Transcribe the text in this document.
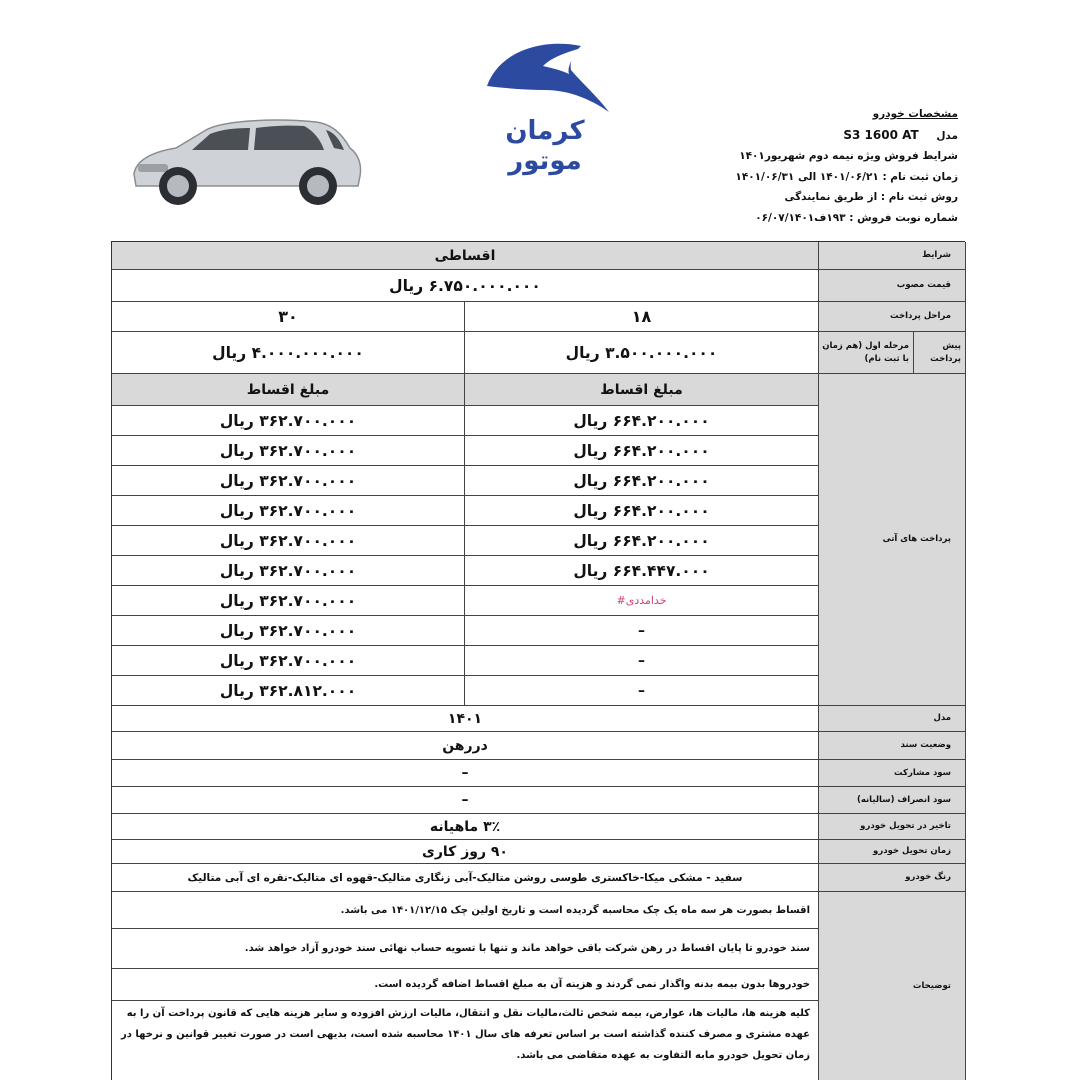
کرمان موتور
مشخصات خودرو
مدل S3 1600 AT
شرایط فروش ویژه نیمه دوم شهریور۱۴۰۱
زمان ثبت نام : ۱۴۰۱/۰۶/۲۱ الی ۱۴۰۱/۰۶/۳۱
روش ثبت نام : از طریق نمایندگی
شماره نوبت فروش : ۱۹۳ف۰۶/۰۷/۱۴۰۱
شرایط
اقساطی
قیمت مصوب
۶.۷۵۰.۰۰۰.۰۰۰ ریال
مراحل پرداخت
۱۸
۳۰
پیش پرداخت
مرحله اول (هم زمان با ثبت نام)
۳.۵۰۰.۰۰۰.۰۰۰ ریال
۴.۰۰۰.۰۰۰.۰۰۰ ریال
پرداخت های آتی
مبلغ اقساط
مبلغ اقساط
۶۶۴.۲۰۰.۰۰۰ ریال
۳۶۲.۷۰۰.۰۰۰ ریال
۶۶۴.۲۰۰.۰۰۰ ریال
۳۶۲.۷۰۰.۰۰۰ ریال
۶۶۴.۲۰۰.۰۰۰ ریال
۳۶۲.۷۰۰.۰۰۰ ریال
۶۶۴.۲۰۰.۰۰۰ ریال
۳۶۲.۷۰۰.۰۰۰ ریال
۶۶۴.۲۰۰.۰۰۰ ریال
۳۶۲.۷۰۰.۰۰۰ ریال
۶۶۴.۴۴۷.۰۰۰ ریال
۳۶۲.۷۰۰.۰۰۰ ریال
#خدامددی
۳۶۲.۷۰۰.۰۰۰ ریال
–
۳۶۲.۷۰۰.۰۰۰ ریال
–
۳۶۲.۷۰۰.۰۰۰ ریال
–
۳۶۲.۸۱۲.۰۰۰ ریال
مدل
۱۴۰۱
وضعیت سند
دررهن
سود مشارکت
–
سود انصراف (سالیانه)
–
تاخیر در تحویل خودرو
۳٪ ماهیانه
زمان تحویل خودرو
۹۰ روز کاری
رنگ خودرو
سفید - مشکی میکا-خاکستری طوسی روشن متالیک-آبی زنگاری متالیک-قهوه ای متالیک-نقره ای آبی متالیک
توضیحات
اقساط بصورت هر سه ماه یک چک محاسبه گردیده است و تاریخ اولین چک ۱۴۰۱/۱۲/۱۵ می باشد.
سند خودرو تا پایان اقساط در رهن شرکت باقی خواهد ماند و تنها با تسویه حساب نهائی سند خودرو آزاد خواهد شد.
خودروها بدون بیمه بدنه واگذار نمی گردند و هزینه آن به مبلغ اقساط اضافه گردیده است.
کلیه هزینه ها، مالیات ها، عوارض، بیمه شخص ثالث،مالیات نقل و انتقال، مالیات ارزش افزوده و سایر هزینه هایی که قانون پرداخت آن را به عهده مشتری و مصرف کننده گذاشته است بر اساس تعرفه های سال ۱۴۰۱ محاسبه شده است، بدیهی است در صورت تغییر قوانین و نرخها در زمان تحویل خودرو مابه التفاوت به عهده متقاضی می باشد.
